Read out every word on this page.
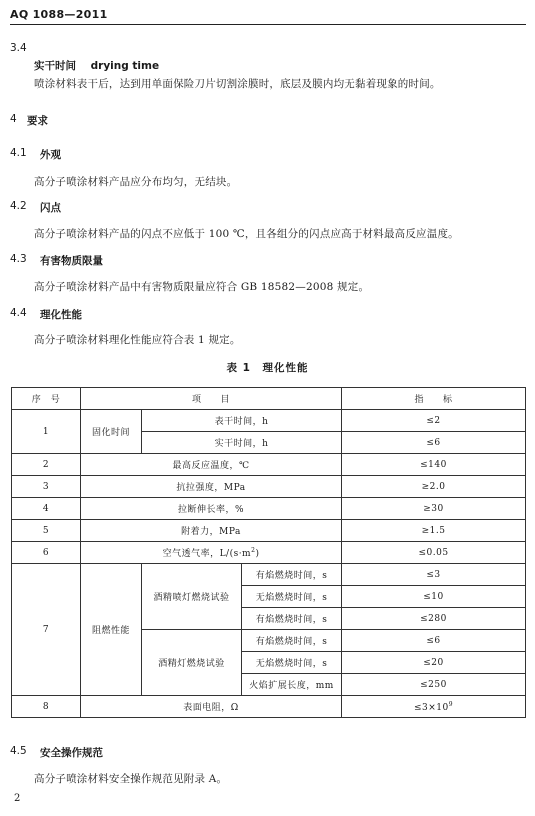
AQ 1088—2011
3.4
实干时间 drying time
喷涂材料表干后，达到用单面保险刀片切割涂膜时，底层及膜内均无黏着现象的时间。
4 要求
4.1 外观
高分子喷涂材料产品应分布均匀，无结块。
4.2 闪点
高分子喷涂材料产品的闪点不应低于 100 ℃，且各组分的闪点应高于材料最高反应温度。
4.3 有害物质限量
高分子喷涂材料产品中有害物质限量应符合 GB 18582—2008 规定。
4.4 理化性能
高分子喷涂材料理化性能应符合表 1 规定。
表 1　理化性能
序　号	项　　目			指　　标
1	固化时间	表干时间，h		≤2
		实干时间，h		≤6
2	最高反应温度，℃			≤140
3	抗拉强度，MPa			≥2.0
4	拉断伸长率，%			≥30
5	附着力，MPa			≥1.5
6	空气透气率，$L/(s\cdot m^2)$			≤0.05
7	阻燃性能	酒精喷灯燃烧试验	有焰燃烧时间，s	≤3
			无焰燃烧时间，s	≤10
			有焰燃烧时间，s	≤280
		酒精灯燃烧试验	有焰燃烧时间，s	≤6
			无焰燃烧时间，s	≤20
			火焰扩展长度，mm	≤250
8	表面电阻，Ω			$\le 3\times 10^9$
4.5 安全操作规范
高分子喷涂材料安全操作规范见附录 A。
2
